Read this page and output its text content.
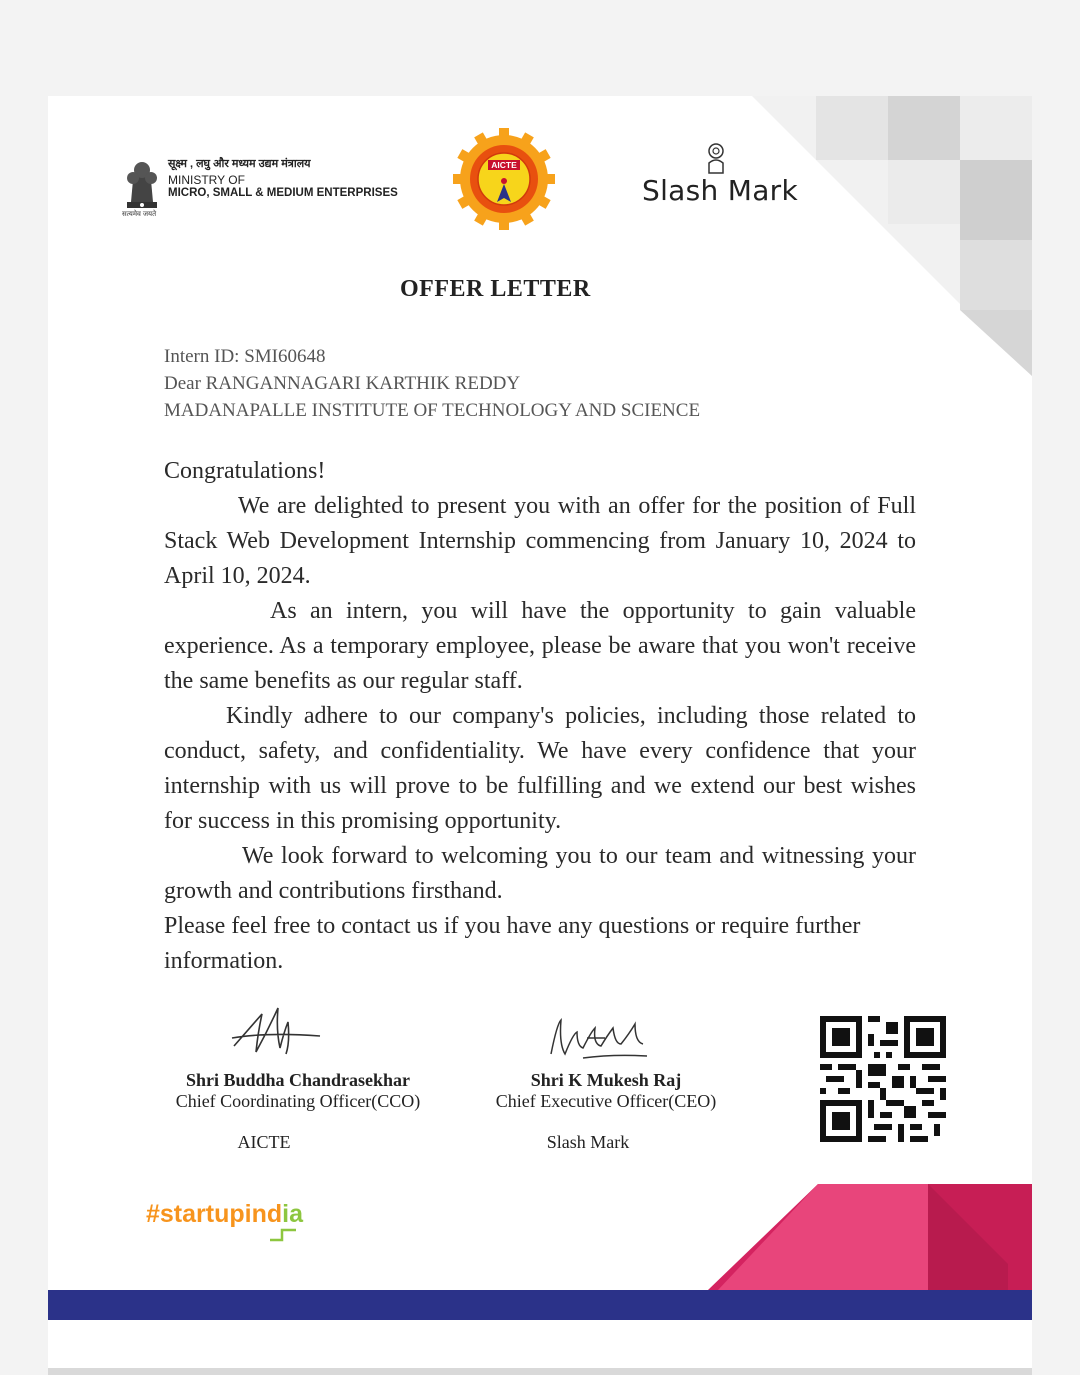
सत्यमेव जयते
सूक्ष्म , लघु और मध्यम उद्यम मंत्रालय
MINISTRY OF
MICRO, SMALL & MEDIUM ENTERPRISES
AICTE
Slash Mark
OFFER LETTER
Intern ID: SMI60648
Dear RANGANNAGARI KARTHIK REDDY
MADANAPALLE INSTITUTE OF TECHNOLOGY AND SCIENCE

Congratulations!

We are delighted to present you with an offer for the position of Full Stack Web Development Internship commencing from January 10, 2024 to April 10, 2024.

As an intern, you will have the opportunity to gain valuable experience. As a temporary employee, please be aware that you won't receive the same benefits as our regular staff.

Kindly adhere to our company's policies, including those related to conduct, safety, and confidentiality. We have every confidence that your internship with us will prove to be fulfilling and we extend our best wishes for success in this promising opportunity.

We look forward to welcoming you to our team and witnessing your growth and contributions firsthand.

Please feel free to contact us if you have any questions or require further information.

Shri Buddha Chandrasekhar
Chief Coordinating Officer(CCO)
AICTE
Shri K Mukesh Raj
Chief Executive Officer(CEO)
Slash Mark
#startupindia
